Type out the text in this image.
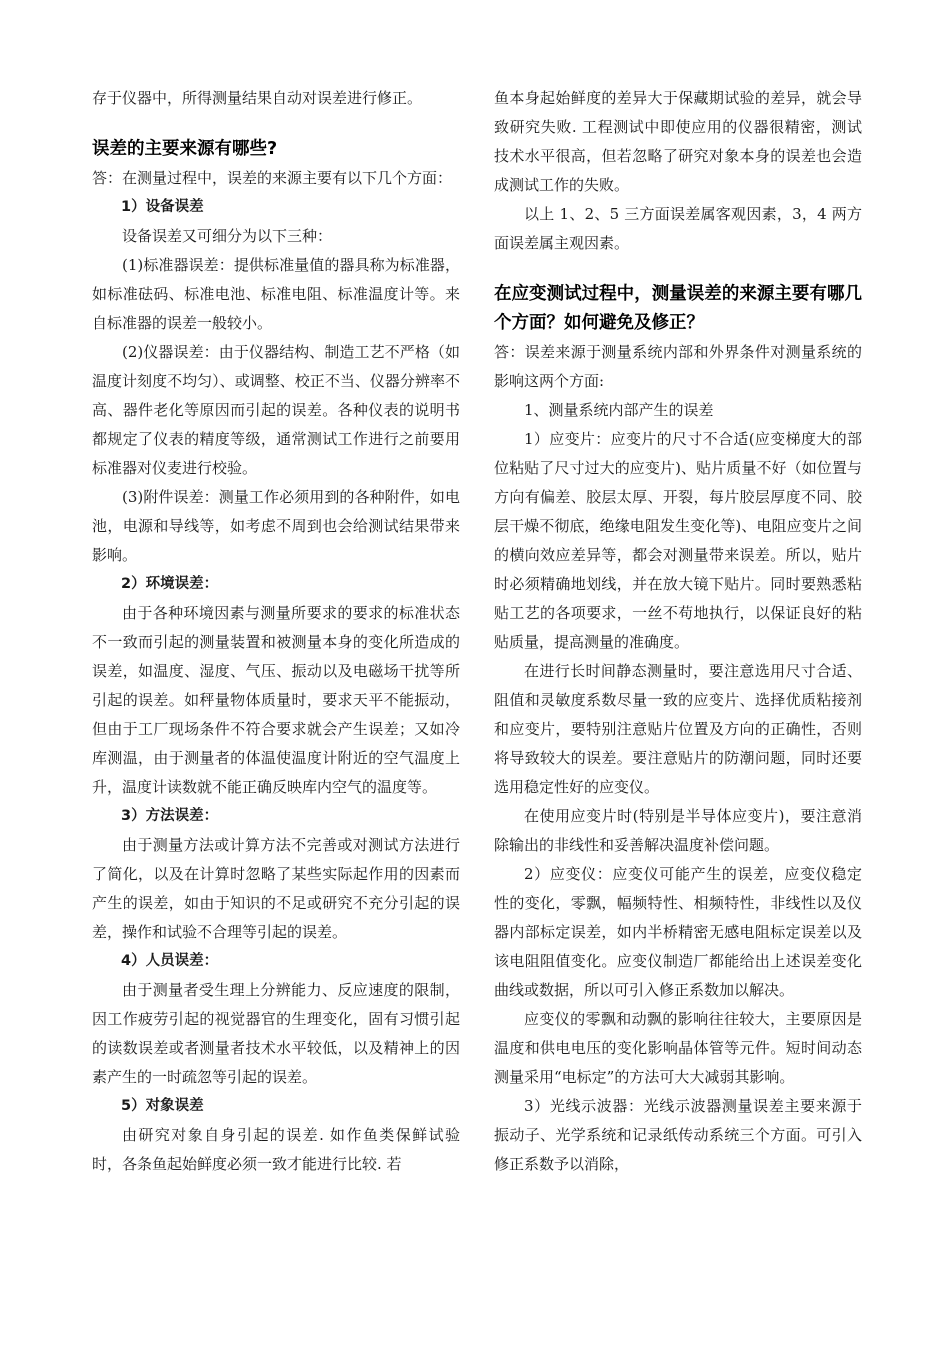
存于仪器中，所得测量结果自动对误差进行修正。

误差的主要来源有哪些?

答：在测量过程中，误差的来源主要有以下几个方面：

1）设备误差

设备误差又可细分为以下三种：

(1)标准器误差：提供标准量值的器具称为标准器，如标准砝码、标准电池、标准电阻、标准温度计等。来自标准器的误差一般较小。

(2)仪器误差：由于仪器结构、制造工艺不严格（如温度计刻度不均匀）、或调整、校正不当、仪器分辨率不高、器件老化等原因而引起的误差。各种仪表的说明书都规定了仪表的精度等级，通常测试工作进行之前要用标准器对仪麦进行校验。

(3)附件误差：测量工作必须用到的各种附件，如电池，电源和导线等，如考虑不周到也会给测试结果带来影响。

2）环境误差：

由于各种环境因素与测量所要求的要求的标准状态不一致而引起的测量装置和被测量本身的变化所造成的误差，如温度、湿度、气压、振动以及电磁场干扰等所引起的误差。如秤量物体质量时，要求天平不能振动，但由于工厂现场条件不符合要求就会产生误差；又如冷库测温，由于测量者的体温使温度计附近的空气温度上升，温度计读数就不能正确反映库内空气的温度等。

3）方法误差：

由于测量方法或计算方法不完善或对测试方法进行了简化，以及在计算时忽略了某些实际起作用的因素而产生的误差，如由于知识的不足或研究不充分引起的误差，操作和试验不合理等引起的误差。

4）人员误差：

由于测量者受生理上分辨能力、反应速度的限制，因工作疲劳引起的视觉器官的生理变化，固有习惯引起的读数误差或者测量者技术水平较低，以及精神上的因素产生的一时疏忽等引起的误差。

5）对象误差

由研究对象自身引起的误差. 如作鱼类保鲜试验时，各条鱼起始鲜度必须一致才能进行比较. 若

鱼本身起始鲜度的差异大于保藏期试验的差异，就会导致研究失败. 工程测试中即使应用的仪器很精密，测试技术水平很高，但若忽略了研究对象本身的误差也会造成测试工作的失败。

以上 1、2、5 三方面误差属客观因素，3，4 两方面误差属主观因素。

在应变测试过程中，测量误差的来源主要有哪几个方面？如何避免及修正？

答：误差来源于测量系统内部和外界条件对测量系统的影响这两个方面:

1、测量系统内部产生的误差

1）应变片：应变片的尺寸不合适(应变梯度大的部位粘贴了尺寸过大的应变片)、贴片质量不好（如位置与方向有偏差、胶层太厚、开裂，每片胶层厚度不同、胶层干燥不彻底，绝缘电阻发生变化等)、电阻应变片之间的横向效应差异等，都会对测量带来误差。所以，贴片时必须精确地划线，并在放大镜下贴片。同时要熟悉粘贴工艺的各项要求，一丝不苟地执行，以保证良好的粘贴质量，提高测量的准确度。

在进行长时间静态测量时，要注意选用尺寸合适、阻值和灵敏度系数尽量一致的应变片、选择优质粘接剂和应变片，要特别注意贴片位置及方向的正确性，否则将导致较大的误差。要注意贴片的防潮问题，同时还要选用稳定性好的应变仪。

在使用应变片时(特别是半导体应变片)，要注意消除输出的非线性和妥善解决温度补偿问题。

2）应变仪：应变仪可能产生的误差，应变仪稳定性的变化，零飘，幅频特性、相频特性，非线性以及仪器内部标定误差，如内半桥精密无感电阻标定误差以及该电阻阻值变化。应变仪制造厂都能给出上述误差变化曲线或数据，所以可引入修正系数加以解决。

应变仪的零飘和动飘的影响往往较大，主要原因是温度和供电电压的变化影响晶体管等元件。短时间动态测量采用“电标定”的方法可大大减弱其影响。

3）光线示波器：光线示波器测量误差主要来源于振动子、光学系统和记录纸传动系统三个方面。可引入修正系数予以消除，
